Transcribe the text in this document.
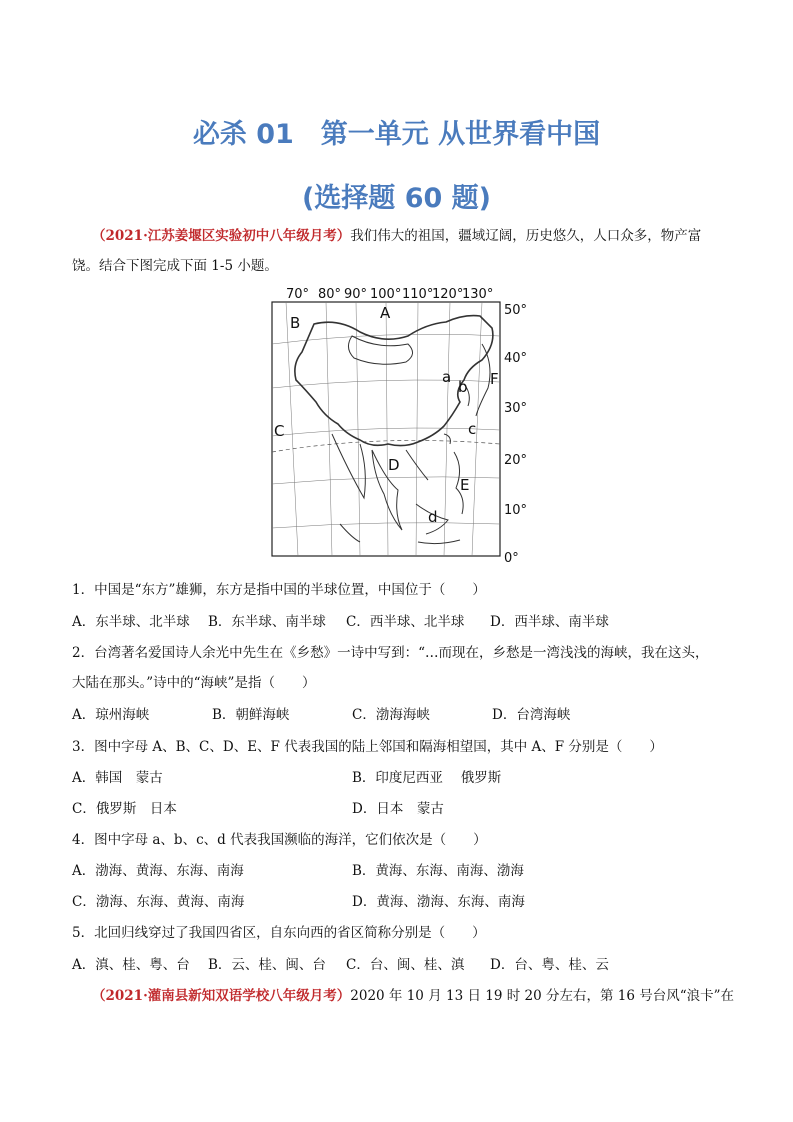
必杀 01　第一单元 从世界看中国
(选择题 60 题)
（2021·江苏姜堰区实验初中八年级月考）我们伟大的祖国，疆域辽阔，历史悠久，人口众多，物产富
饶。结合下图完成下面 1-5 小题。
70° 80° 90° 100° 110°
120°
130°
50°
40°
30°
20°
10°
0°
A
B
C
D
E
F
a
b
c
d
1．中国是“东方”雄狮，东方是指中国的半球位置，中国位于（　　）
A．东半球、北半球 B．东半球、南半球 C．西半球、北半球 D．西半球、南半球
2．台湾著名爱国诗人余光中先生在《乡愁》一诗中写到：“…而现在，乡愁是一湾浅浅的海峡，我在这头，
大陆在那头。”诗中的“海峡”是指（　　）
A．琼州海峡	B．朝鲜海峡	C．渤海海峡	D．台湾海峡
3．图中字母 A、B、C、D、E、F 代表我国的陆上邻国和隔海相望国，其中 A、F 分别是（　　）
A．韩国　蒙古	B．印度尼西亚　 俄罗斯
C．俄罗斯　日本	D．日本　蒙古
4．图中字母 a、b、c、d 代表我国濒临的海洋，它们依次是（　　）
A．渤海、黄海、东海、南海	B．黄海、东海、南海、渤海
C．渤海、东海、黄海、南海	D．黄海、渤海、东海、南海
5．北回归线穿过了我国四省区，自东向西的省区简称分别是（　　）
A．滇、桂、粤、台 B．云、桂、闽、台 C．台、闽、桂、滇 D．台、粤、桂、云
（2021·灌南县新知双语学校八年级月考）2020 年 10 月 13 日 19 时 20 分左右，第 16 号台风“浪卡”在
